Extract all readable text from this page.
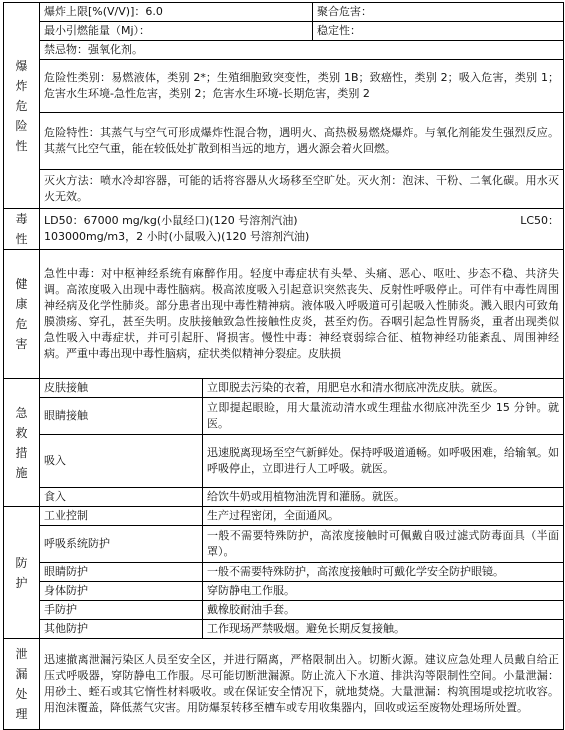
爆炸危险性	爆炸上限[%(V/V)]：6.0		聚合危害：
	最小引燃能量（Mj）：		稳定性：
	禁忌物：强氧化剂。		
	危险性类别：易燃液体，类别 2*；生殖细胞致突变性，类别 1B；致癌性，类别 2；吸入危害，类别 1；危害水生环境-急性危害，类别 2；危害水生环境-长期危害，类别 2		
	危险特性：其蒸气与空气可形成爆炸性混合物，遇明火、高热极易燃烧爆炸。与氧化剂能发生强烈反应。其蒸气比空气重，能在较低处扩散到相当远的地方，遇火源会着火回燃。		
	灭火方法：喷水冷却容器，可能的话将容器从火场移至空旷处。灭火剂：泡沫、干粉、二氧化碳。用水灭火无效。		
毒性	LD50：67000 mg/kg(小鼠经口)(120 号溶剂汽油) LC50：
103000mg/m3，2 小时(小鼠吸入)(120 号溶剂汽油)		

健康危害	急性中毒：对中枢神经系统有麻醉作用。轻度中毒症状有头晕、头痛、恶心、呕吐、步态不稳、共济失调。高浓度吸入出现中毒性脑病。极高浓度吸入引起意识突然丧失、反射性呼吸停止。可伴有中毒性周围神经病及化学性肺炎。部分患者出现中毒性精神病。液体吸入呼吸道可引起吸入性肺炎。溅入眼内可致角膜溃疡、穿孔，甚至失明。皮肤接触致急性接触性皮炎，甚至灼伤。吞咽引起急性胃肠炎，重者出现类似急性吸入中毒症状，并可引起肝、肾损害。慢性中毒：神经衰弱综合征、植物神经功能紊乱、周围神经病。严重中毒出现中毒性脑病，症状类似精神分裂症。皮肤损		
急救措施	皮肤接触	立即脱去污染的衣着，用肥皂水和清水彻底冲洗皮肤。就医。	
	眼睛接触	立即提起眼睑，用大量流动清水或生理盐水彻底冲洗至少 15 分钟。就医。	
	吸入	迅速脱离现场至空气新鲜处。保持呼吸道通畅。如呼吸困难，给输氧。如呼吸停止，立即进行人工呼吸。就医。	
	食入	给饮牛奶或用植物油洗胃和灌肠。就医。	
防护	工业控制	生产过程密闭，全面通风。	
	呼吸系统防护	一般不需要特殊防护，高浓度接触时可佩戴自吸过滤式防毒面具（半面罩）。	
	眼睛防护	一般不需要特殊防护，高浓度接触时可戴化学安全防护眼镜。	
	身体防护	穿防静电工作服。	
	手防护	戴橡胶耐油手套。	
	其他防护	工作现场严禁吸烟。避免长期反复接触。	
泄漏处理	迅速撤离泄漏污染区人员至安全区，并进行隔离，严格限制出入。切断火源。建议应急处理人员戴自给正压式呼吸器，穿防静电工作服。尽可能切断泄漏源。防止流入下水道、排洪沟等限制性空间。小量泄漏：用砂土、蛭石或其它惰性材料吸收。或在保证安全情况下，就地焚烧。大量泄漏：构筑围堤或挖坑收容。用泡沫覆盖，降低蒸气灾害。用防爆泵转移至槽车或专用收集器内，回收或运至废物处理场所处置。		
